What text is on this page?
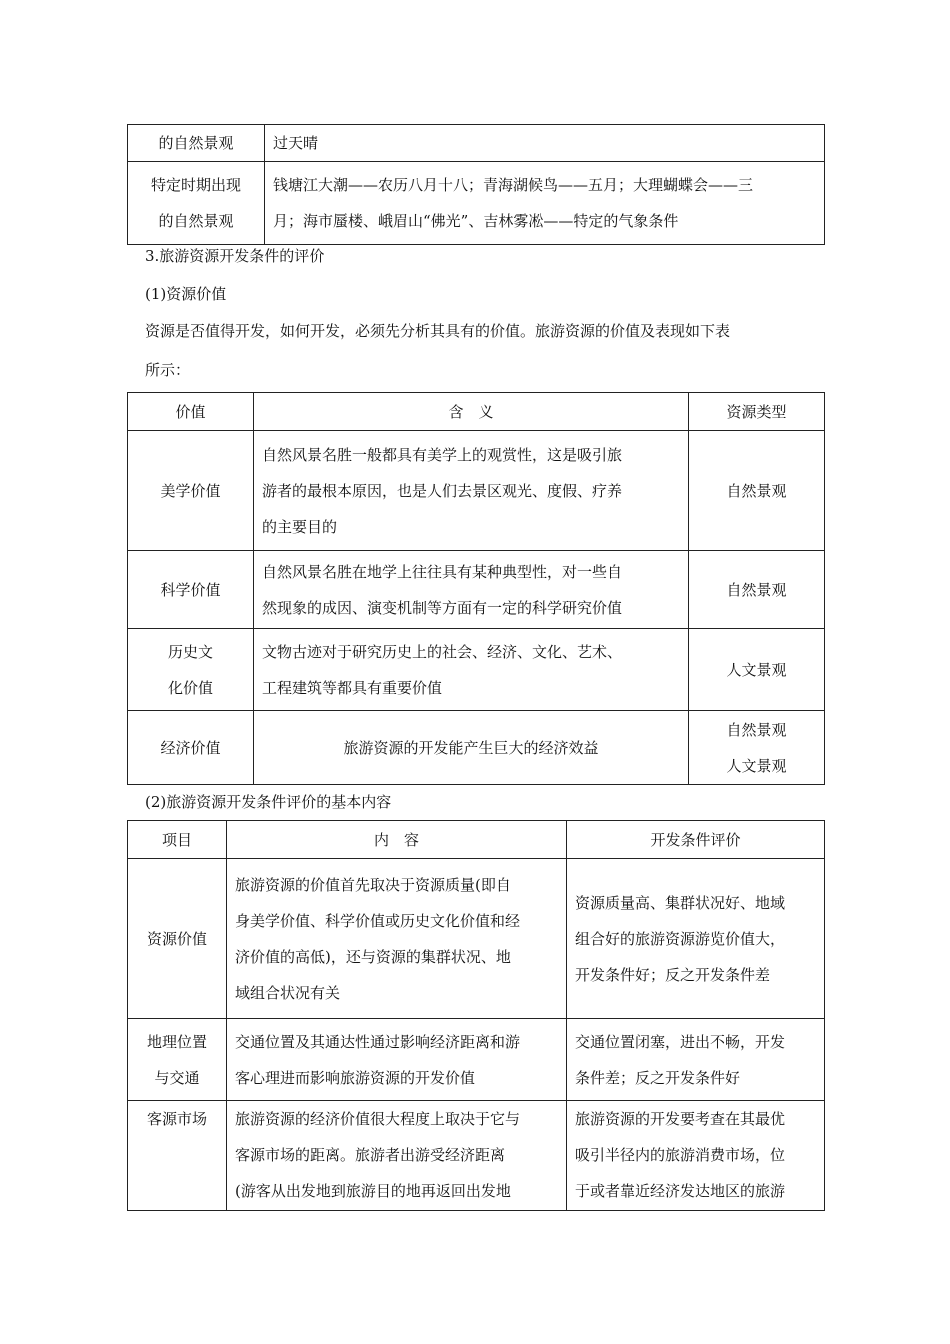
的自然景观	过天晴

特定时期出现
的自然景观	钱塘江大潮——农历八月十八；青海湖候鸟——五月；大理蝴蝶会——三
月；海市蜃楼、峨眉山“佛光”、吉林雾凇——特定的气象条件
3.旅游资源开发条件的评价
(1)资源价值
资源是否值得开发，如何开发，必须先分析其具有的价值。旅游资源的价值及表现如下表
所示：
价值	含　义	资源类型

美学价值	自然风景名胜一般都具有美学上的观赏性，这是吸引旅
游者的最根本原因，也是人们去景区观光、度假、疗养
的主要目的	自然景观

科学价值	自然风景名胜在地学上往往具有某种典型性，对一些自
然现象的成因、演变机制等方面有一定的科学研究价值	自然景观

历史文
化价值	文物古迹对于研究历史上的社会、经济、文化、艺术、
工程建筑等都具有重要价值	人文景观

经济价值	旅游资源的开发能产生巨大的经济效益	自然景观
人文景观
(2)旅游资源开发条件评价的基本内容
项目	内　容	开发条件评价

资源价值	旅游资源的价值首先取决于资源质量(即自
身美学价值、科学价值或历史文化价值和经
济价值的高低)，还与资源的集群状况、地
域组合状况有关	资源质量高、集群状况好、地域
组合好的旅游资源游览价值大，
开发条件好；反之开发条件差

地理位置
与交通	交通位置及其通达性通过影响经济距离和游
客心理进而影响旅游资源的开发价值	交通位置闭塞，进出不畅，开发
条件差；反之开发条件好

客源市场	旅游资源的经济价值很大程度上取决于它与
客源市场的距离。旅游者出游受经济距离
(游客从出发地到旅游目的地再返回出发地	旅游资源的开发要考查在其最优
吸引半径内的旅游消费市场，位
于或者靠近经济发达地区的旅游
